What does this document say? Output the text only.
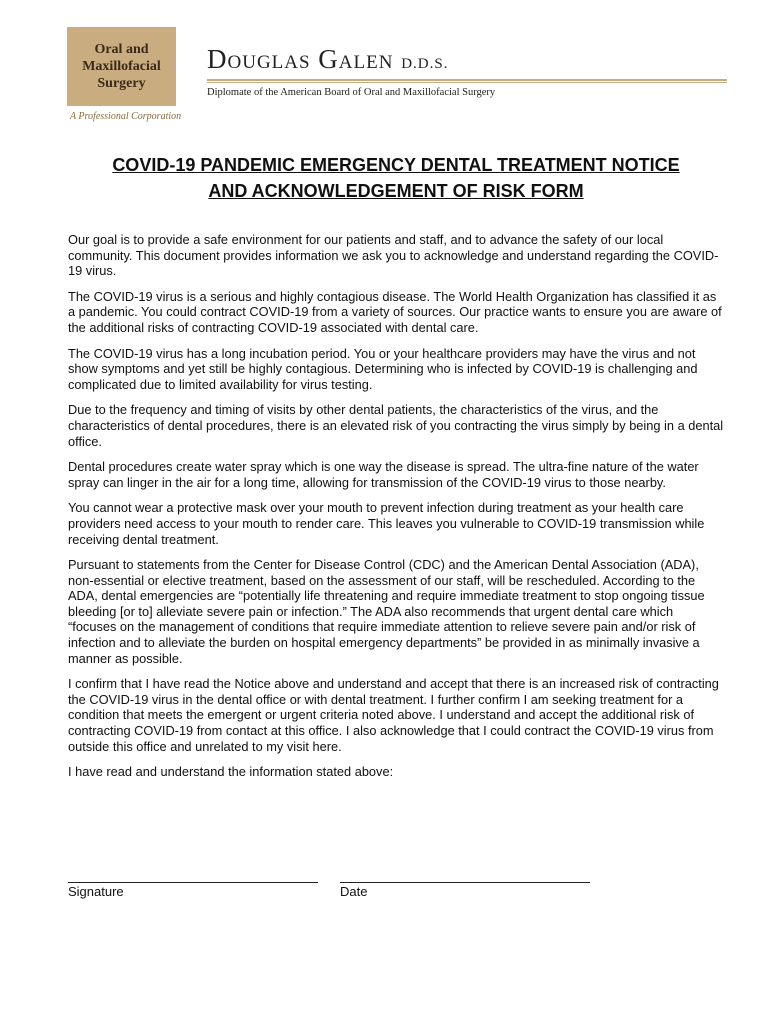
Oral and
Maxillofacial
Surgery
A Professional Corporation
Douglas Galen D.D.S.
Diplomate of the American Board of Oral and Maxillofacial Surgery
COVID-19 PANDEMIC EMERGENCY DENTAL TREATMENT NOTICE
AND ACKNOWLEDGEMENT OF RISK FORM

Our goal is to provide a safe environment for our patients and staff, and to advance the safety of our local community. This document provides information we ask you to acknowledge and understand regarding the COVID-19 virus.

The COVID-19 virus is a serious and highly contagious disease. The World Health Organization has classified it as a pandemic. You could contract COVID-19 from a variety of sources. Our practice wants to ensure you are aware of the additional risks of contracting COVID-19 associated with dental care.

The COVID-19 virus has a long incubation period. You or your healthcare providers may have the virus and not show symptoms and yet still be highly contagious. Determining who is infected by COVID-19 is challenging and complicated due to limited availability for virus testing.

Due to the frequency and timing of visits by other dental patients, the characteristics of the virus, and the characteristics of dental procedures, there is an elevated risk of you contracting the virus simply by being in a dental office.

Dental procedures create water spray which is one way the disease is spread. The ultra-fine nature of the water spray can linger in the air for a long time, allowing for transmission of the COVID-19 virus to those nearby.

You cannot wear a protective mask over your mouth to prevent infection during treatment as your health care providers need access to your mouth to render care. This leaves you vulnerable to COVID-19 transmission while receiving dental treatment.

Pursuant to statements from the Center for Disease Control (CDC) and the American Dental Association (ADA), non-essential or elective treatment, based on the assessment of our staff, will be rescheduled. According to the ADA, dental emergencies are “potentially life threatening and require immediate treatment to stop ongoing tissue bleeding [or to] alleviate severe pain or infection.” The ADA also recommends that urgent dental care which “focuses on the management of conditions that require immediate attention to relieve severe pain and/or risk of infection and to alleviate the burden on hospital emergency departments” be provided in as minimally invasive a manner as possible.

I confirm that I have read the Notice above and understand and accept that there is an increased risk of contracting the COVID-19 virus in the dental office or with dental treatment. I further confirm I am seeking treatment for a condition that meets the emergent or urgent criteria noted above. I understand and accept the additional risk of contracting COVID-19 from contact at this office. I also acknowledge that I could contract the COVID-19 virus from outside this office and unrelated to my visit here.

I have read and understand the information stated above:

Signature	Date
